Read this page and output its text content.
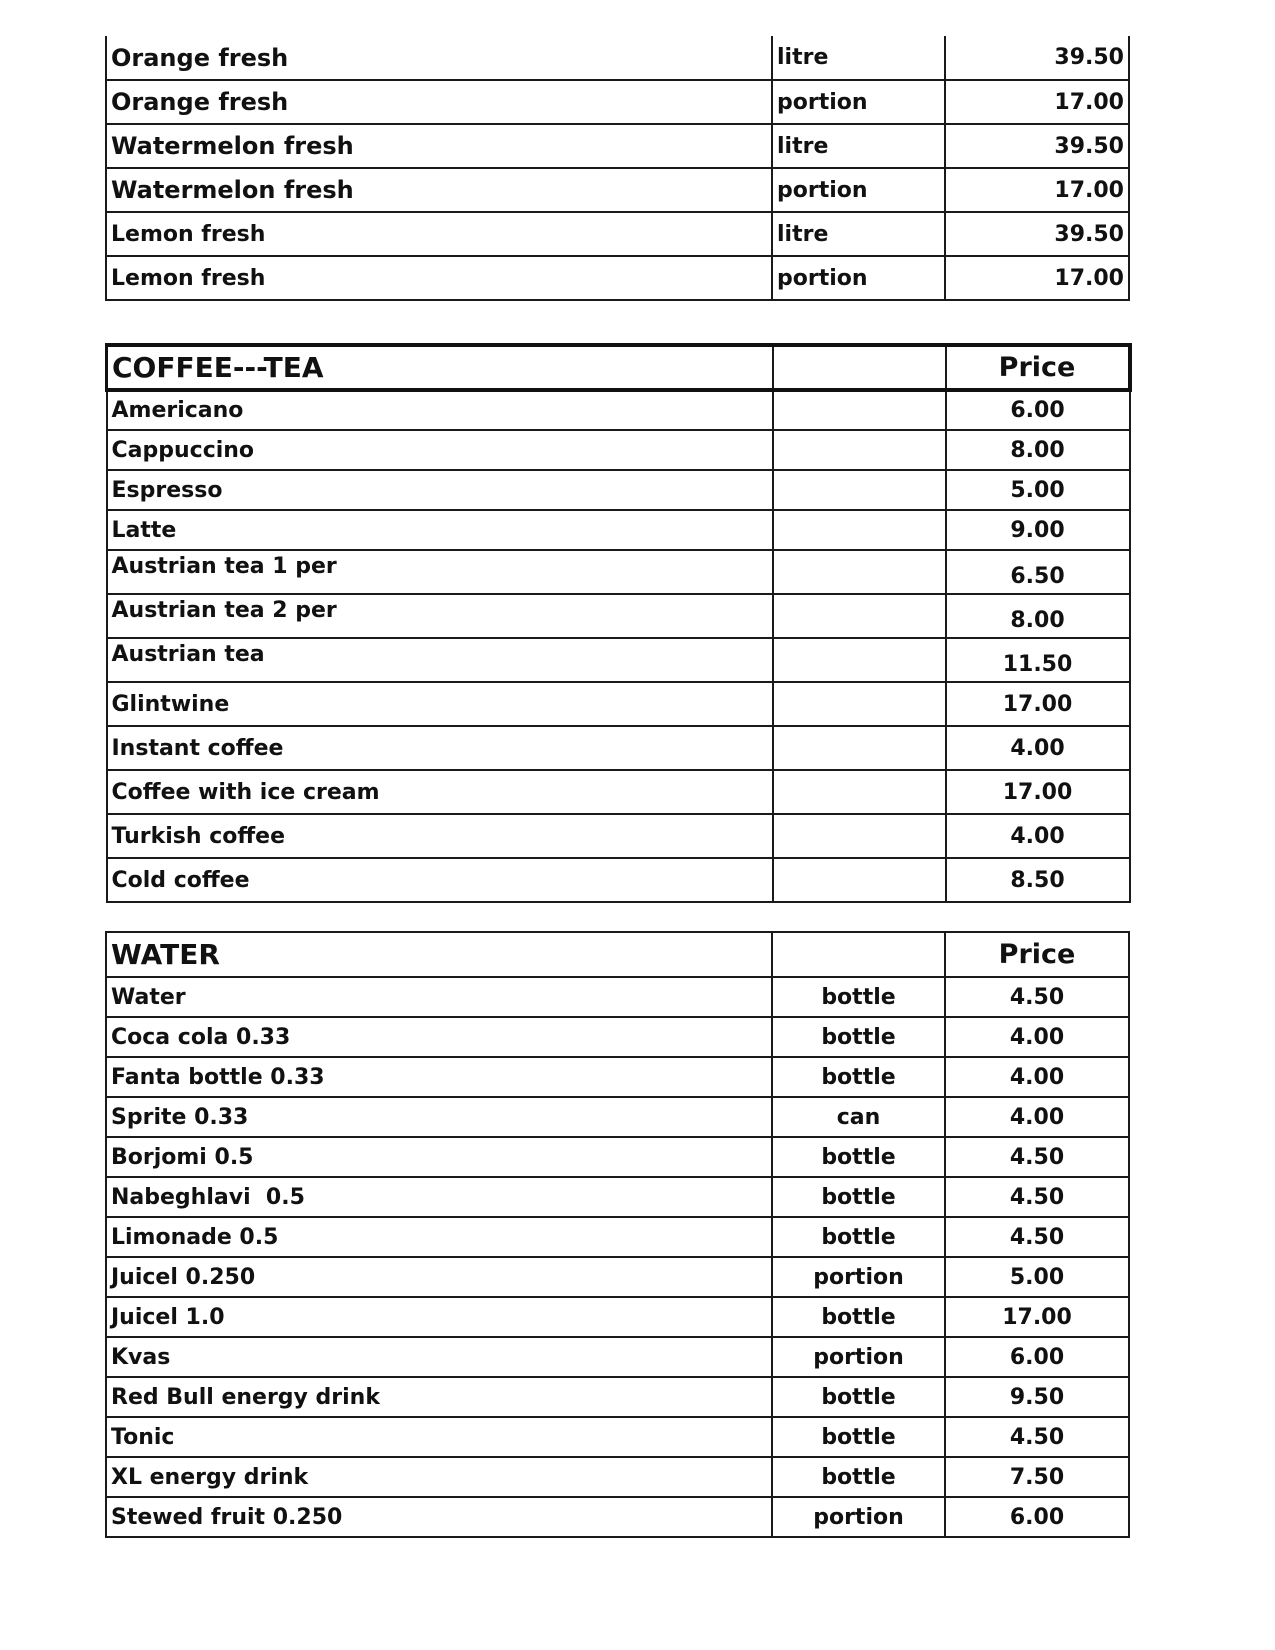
Orange fresh	litre	39.50
Orange fresh	portion	17.00
Watermelon fresh	litre	39.50
Watermelon fresh	portion	17.00
Lemon fresh	litre	39.50
Lemon fresh	portion	17.00
COFFEE---TEA		Price
Americano		6.00
Cappuccino		8.00
Espresso		5.00
Latte		9.00
Austrian tea 1 per		6.50
Austrian tea 2 per		8.00
Austrian tea		11.50
Glintwine		17.00
Instant coffee		4.00
Coffee with ice cream		17.00
Turkish coffee		4.00
Cold coffee		8.50
WATER		Price
Water	bottle	4.50
Coca cola 0.33	bottle	4.00
Fanta bottle 0.33	bottle	4.00
Sprite 0.33	can	4.00
Borjomi 0.5	bottle	4.50
Nabeghlavi  0.5	bottle	4.50
Limonade 0.5	bottle	4.50
Juicel 0.250	portion	5.00
Juicel 1.0	bottle	17.00
Kvas	portion	6.00
Red Bull energy drink	bottle	9.50
Tonic	bottle	4.50
XL energy drink	bottle	7.50
Stewed fruit 0.250	portion	6.00
